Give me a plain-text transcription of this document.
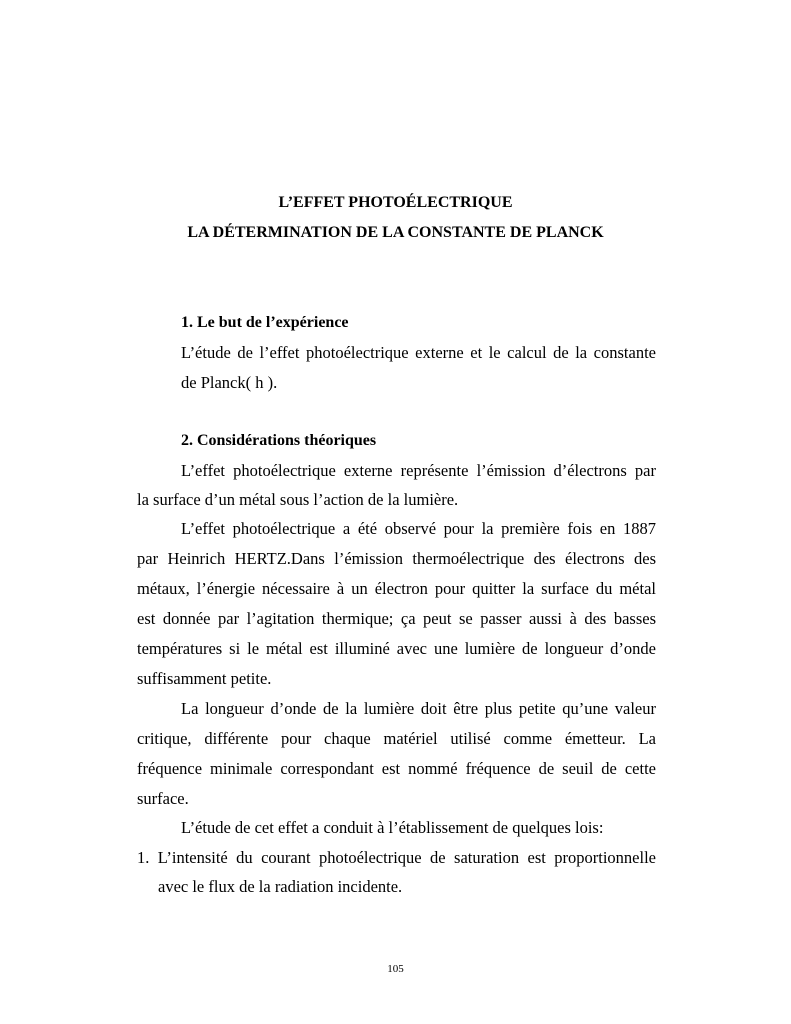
L’EFFET PHOTOÉLECTRIQUE
LA DÉTERMINATION DE LA CONSTANTE DE PLANCK
1. Le but de l’expérience

L’étude de l’effet photoélectrique externe et le calcul de la constante

de Planck( h ).

2. Considérations théoriques

L’effet photoélectrique externe représente l’émission d’électrons par

la surface d’un métal sous l’action de la lumière.

L’effet photoélectrique a été observé pour la première fois en 1887

par Heinrich HERTZ.Dans l’émission thermoélectrique des électrons des

métaux, l’énergie nécessaire à un électron pour quitter la surface du métal

est donnée par l’agitation thermique; ça peut se passer aussi à des basses

températures si le métal est illuminé avec une lumière de longueur d’onde

suffisamment petite.

La longueur d’onde de la lumière doit être plus petite qu’une valeur

critique, différente pour chaque matériel utilisé comme émetteur. La

fréquence minimale correspondant est nommé fréquence de seuil de cette

surface.

L’étude de cet effet a conduit à l’établissement de quelques lois:

1. L’intensité du courant photoélectrique de saturation est proportionnelle

avec le flux de la radiation incidente.

105
